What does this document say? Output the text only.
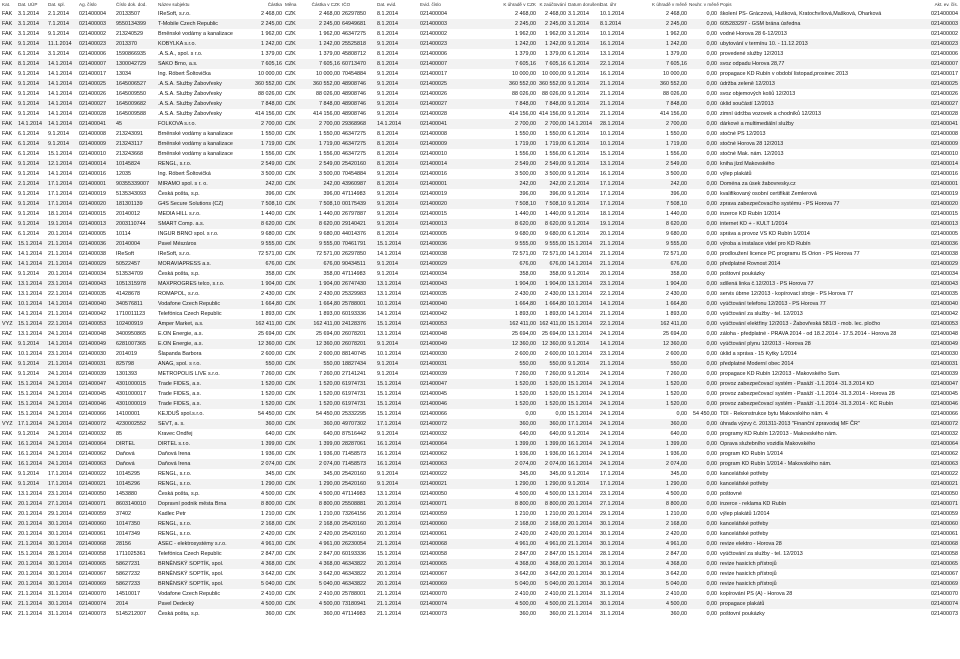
Kat.	Dat. UÚP	Dat. spl.	Ag. číslo	Číslo dok. dod.	Název subjektu	Částka Měna	Částka v CZK IČO	Dat. evid.	Evid. číslo	K úhradě v CZK K zaúčtování Datum dorušení Dat. úhr	K úhradě v měně Neuhr. v měně Popis	Akt. ev. čís.
FAK	3.1.2014	2.1.2014	021400004	20133507	IReSoft, s.r.o.	2 468,00 CZK	2 468,00 26297850	8.1.2014	021400004	2 468,00	2 468,00 3.1.2014	10.1.2014	2 468,00	0,00 školení PS- Gráczová, Hušková, Kratochvílová,Mašková, Oharková	021400004
FAK	3.1.2014	7.1.2014	021400003	9550134399	T-Mobile Czech Republic	2 245,00 CZK	2 245,00 64949681	8.1.2014	021400003	2 245,00	2 245,00 3.1.2014	8.1.2014	2 245,00	0,00 605283297 - GSM brána úsředna	021400003
FAK	3.1.2014	9.1.2014	021400002	213240529	Brněnské vodárny a kanalizace	1 962,00 CZK	1 962,00 46347275	8.1.2014	021400002	1 962,00	1 962,00 3.1.2014	10.1.2014	1 962,00	0,00 vodné Horova 28 6-12/2013	021400002
FAK	9.1.2014	11.1.2014	021400023	2013370	KOBYLKA s.r.o.	1 242,00 CZK	1 242,00 25525818	9.1.2014	021400023	1 242,00	1 242,00 9.1.2014	16.1.2014	1 242,00	0,00 ubytování v termínu 10. - 11.12.2013	021400023
FAK	6.1.2014	3.1.2014	021400006	1590866935	.A.S.A., spol. s r.o.	1 379,00 CZK	1 379,00 45808712	8.1.2014	021400006	1 379,00	1 379,00 6.1.2014	13.1.2014	1 379,00	0,00 provedené služby 12/2013	021400006
FAK	8.1.2014	14.1.2014	021400007	1300042729	SAKO Brno, a.s.	7 605,16 CZK	7 605,16 60713470	8.1.2014	021400007	7 605,16	7 605,16 6.1.2014	22.1.2014	7 605,16	0,00 svoz odpadu Horova 28,77	021400007
FAK	9.1.2014	14.1.2014	021400017	13034	Ing. Róbert Šoltovička	10 000,00 CZK	10 000,00 70454884	9.1.2014	021400017	10 000,00	10 000,00 9.1.2014	16.1.2014	10 000,00	0,00 propagace KD Rubín v období listopad,prosinec 2013	021400017
FAK	9.1.2014	14.1.2014	021400025	1645006527	.A.S.A. Služby Žabovřesky	360 552,00 CZK	360 552,00 48908746	9.1.2014	021400025	360 552,00 360 552,00 9.1.2014	21.1.2014	360 552,00	0,00 údržba zeleně 12/2013	021400025
FAK	9.1.2014	14.1.2014	021400026	1645009550	.A.S.A. Služby Žabovřesky	88 026,00 CZK	88 026,00 48908746	9.1.2014	021400026	88 026,00	88 026,00 9.1.2014	21.1.2014	88 026,00	0,00 svoz objemových košů 12/2013	021400026
FAK	9.1.2014	14.1.2014	021400027	1645009682	.A.S.A. Služby Žabovřesky	7 848,00 CZK	7 848,00 48908746	9.1.2014	021400027	7 848,00	7 848,00 9.1.2014	21.1.2014	7 848,00	0,00 úklid součástí 12/2013	021400027
FAK	9.1.2014	14.1.2014	021400028	1645009588	.A.S.A. Služby Žabovřesky	414 156,00 CZK	414 156,00 48908746	9.1.2014	021400028	414 156,00 414 156,00 9.1.2014	21.1.2014	414 156,00	0,00 zimní údržba vozovek a chodníků 12/2013	021400028
FAK	14.1.2014	14.1.2014	021400041	45	FOLKOVA s.r.o.	2 700,00 CZK	2 700,00 29368968	14.1.2014	021400041	2 700,00	2 700,00 14.1.2014	28.1.2014	2 700,00	0,00 dárkové a multimediální služby	021400041
FAK	6.1.2014	9.1.2014	021400008	213243091	Brněnské vodárny a kanalizace	1 550,00 CZK	1 550,00 46347275	8.1.2014	021400008	1 550,00	1 550,00 6.1.2014	10.1.2014	1 550,00	0,00 stočné PS 12/2013	021400008
FAK	6.1.2014	9.1.2014	021400009	213243117	Brněnské vodárny a kanalizace	1 719,00 CZK	1 719,00 46347275	8.1.2014	021400009	1 719,00	1 719,00 6.1.2014	10.1.2014	1 719,00	0,00 stočné Horova 28 12/2013	021400009
FAK	6.1.2014	15.1.2014	021400010	213243668	Brněnské vodárny a kanalizace	1 556,00 CZK	1 556,00 46347275	8.1.2014	021400010	1 556,00	1 556,00 6.1.2014	15.1.2014	1 556,00	0,00 stočné Mak. nám. 12/2013	021400010
FAK	9.1.2014	12.1.2014	021400014	10145824	RENGL, s.r.o.	2 549,00 CZK	2 549,00 25420160	8.1.2014	021400014	2 549,00	2 549,00 9.1.2014	13.1.2014	2 549,00	0,00 kniha jízd Makovského	021400014
FAK	9.1.2014	14.1.2014	021400016	12035	Ing. Róbert Šoltovičká	3 500,00 CZK	3 500,00 70454884	9.1.2014	021400016	3 500,00	3 500,00 9.1.2014	16.1.2014	3 500,00	0,00 výlep plakátů	021400016
FAK	2.1.2014	17.1.2014	021400001	90355339007	MIRAMO spol. s r. o.	242,00 CZK	242,00 43960987	8.1.2014	021400001	242,00	242,00 2.1.2014	17.1.2014	242,00	0,00 Doména za úsek žabovresky.cz	021400001
FAK	9.1.2014	17.1.2014	021400019	5135343093	Česká pošta, s.p.	396,00 CZK	396,00 47114983	9.1.2014	021400019	396,00	396,00 9.1.2014	17.1.2014	396,00	0,00 kvalifikovaný osobní certifikát Zemlerová	021400019
FAK	9.1.2014	17.1.2014	021400020	181301139	G4S Secure Solutions (CZ)	7 508,10 CZK	7 508,10 00175439	9.1.2014	021400020	7 508,10	7 508,10 9.1.2014	17.1.2014	7 508,10	0,00 zprava zabezpečovacího systému - PS Horova 77	021400020
FAK	9.1.2014	18.1.2014	021400015	20140012	MEDIA HILL s.r.o.	1 440,00 CZK	1 440,00 26797887	9.1.2014	021400015	1 440,00	1 440,00 9.1.2014	18.1.2014	1 440,00	0,00 inzerce KD Rubín 1/2014	021400015
FAK	9.1.2014	19.1.2014	021400013	2003110744	SMART Comp. a.s.	8 620,00 CZK	8 620,00 29140421	9.1.2014	021400013	8 620,00	8 620,00 9.1.2014	19.1.2014	8 620,00	0,00 internet KD + - KULT 1/2014	021400013
FAK	6.1.2014	20.1.2014	021400005	10114	INGUR BRNO spol. s r.o.	9 680,00 CZK	9 680,00 44014376	8.1.2014	021400005	9 680,00	9 680,00 6.1.2014	20.1.2014	9 680,00	0,00 správa a provoz VS KD Rubín 1/2014	021400005
FAK	15.1.2014	21.1.2014	021400036	20140004	Pavel Mészáros	9 555,00 CZK	9 555,00 70461791	15.1.2014	021400036	9 555,00	9 555,00 15.1.2014	21.1.2014	9 555,00	0,00 výroba a instalace videí pro KD Rubín	021400036
FAK	14.1.2014	21.1.2014	021400038	IReSoft	IReSoft, s.r.o.	72 571,00 CZK	72 571,00 26297850	14.1.2014	021400038	72 571,00	72 571,00 14.1.2014	21.1.2014	72 571,00	0,00 prodloužení licence PC programu IS Orion - PS Horova 77	021400038
FAK	14.1.2014	21.1.2014	021400029	50522457	MORAVIAPRESS a.s.	676,00 CZK	676,00 90434511	9.1.2014	021400029	676,00	676,00 14.1.2014	21.1.2014	676,00	0,00 předplatné Rovnost 2014	021400029
FAK	9.1.2014	20.1.2014	021400034	513534709	Česká pošta, s.p.	358,00 CZK	358,00 47114983	9.1.2014	021400034	358,00	358,00 9.1.2014	20.1.2014	358,00	0,00 poštovní poukázky	021400034
FAK	13.1.2014	23.1.2014	021400043	1051315978	MAXPROGRES telco, s.r.o.	1 904,00 CZK	1 904,00 26747430	13.1.2014	021400043	1 904,00	1 904,00 13.1.2014	23.1.2014	1 904,00	0,00 sdílená linka č.12/2013 - PS Horova 77	021400043
FAK	13.1.2014	22.1.2014	021400035	41428678	ROMAPOL, s.r.o.	2 430,00 CZK	2 430,00 25329983	13.1.2014	021400035	2 430,00	2 430,00 13.1.2014	22.1.2014	2 430,00	0,00 servis úbrne 12/2013 - kopírovací stroje - PS Horova 77	021400035
FAK	10.1.2014	14.1.2014	021400040	340576811	Vodafone Czech Republic	1 664,80 CZK	1 664,80 25788001	10.1.2014	021400040	1 664,80	1 664,80 10.1.2014	14.1.2014	1 664,80	0,00 vyúčtování telefonu 12/2013 - PS Horova 77	021400040
FAK	14.1.2014	21.1.2014	021400042	1710011123	Telefónica Czech Republic	1 893,00 CZK	1 893,00 60193336	14.1.2014	021400042	1 893,00	1 893,00 14.1.2014	21.1.2014	1 893,00	0,00 vyúčtování za služby - tel. 12/2013	021400042
VYZ	15.1.2014	22.1.2014	021400053	102400919	Amper Market, a.s.	162 411,00 CZK	162 411,00 24128376	15.1.2014	021400053	162 411,00 162 411,00 15.1.2014	22.1.2014	162 411,00	0,00 vyúčtování elektřiny 12/2013 - Žabovřeská 581/3 - mob. lec. pločho	021400053
FAZ	13.1.2014	24.1.2014	021400048	3400950865	E.ON Energie, a.s.	25 694,00 CZK	25 694,00 26078201	13.1.2014	021400048	25 694,00	25 694,00 13.1.2014	24.1.2014	25 694,00	0,00 záloha - předplatné - PRAVA 2014 - od 18.2.2014 - 17.5.2014 - Horova 28	021400048
FAK	9.1.2014	14.1.2014	021400049	6281007365	E.ON Energie, a.s.	12 360,00 CZK	12 360,00 26078201	9.1.2014	021400049	12 360,00	12 360,00 9.1.2014	14.1.2014	12 360,00	0,00 vyúčtování plynu 12/2013 - Horova 28	021400049
FAK	10.1.2014	23.1.2014	021400030	2014019	Šlapanda Barbora	2 600,00 CZK	2 600,00 88140745	10.1.2014	021400030	2 600,00	2 600,00 10.1.2014	23.1.2014	2 600,00	0,00 úklid a správa - 15 Kytky 1/2014	021400030
FAK	9.1.2014	21.1.2014	021400031	825798	ANAG, spol. s r.o.	550,00 CZK	550,00 18827434	9.1.2014	021400031	550,00	550,00 9.1.2014	21.1.2014	550,00	0,00 předplatné Moderní obec 2014	021400031
FAK	9.1.2014	24.1.2014	021400039	1301393	METROPOLIS LIVE s.r.o.	7 260,00 CZK	7 260,00 27141241	9.1.2014	021400039	7 260,00	7 260,00 9.1.2014	24.1.2014	7 260,00	0,00 propagace KD Rubín 12/2013 - Makovského Sum.	021400039
FAK	15.1.2014	24.1.2014	021400047	4301000015	Trade FIDES, a.s.	1 520,00 CZK	1 520,00 61974731	15.1.2014	021400047	1 520,00	1 520,00 15.1.2014	24.1.2014	1 520,00	0,00 provoz zabezpečovací systém - Pasáží -1.1.2014 -31.3.2014 KD	021400047
FAK	15.1.2014	24.1.2014	021400045	4301000017	Trade FIDES, a.s.	1 520,00 CZK	1 520,00 61974731	15.1.2014	021400045	1 520,00	1 520,00 15.1.2014	24.1.2014	1 520,00	0,00 provoz zabezpečovací systém - Pasáží -1.1.2014 -31.3.2014 - Horova 28	021400045
FAK	15.1.2014	24.1.2014	021400046	4301000019	Trade FIDES, a.s.	1 520,00 CZK	1 520,00 61974731	15.1.2014	021400046	1 520,00	1 520,00 15.1.2014	24.1.2014	1 520,00	0,00 provoz zabezpečovací systém - Pasáží -1.1.2014 -31.3.2014 - KC Rubín	021400046
FAK	15.1.2014	24.1.2014	021400066	14100001	KEJDUŠ spol.s.r.o.	54 450,00 CZK	54 450,00 25332295	15.1.2014	021400066	0,00	0,00 15.1.2014	24.1.2014	0,00	54 450,00 TDI - Rekonstrukce bytu Makovského nám. 4	021400066
VYZ	17.1.2014	24.1.2014	021400072	4230002552	SEVT, a. s.	360,00 CZK	360,00 49707302	17.1.2014	021400072	360,00	360,00 17.1.2014	24.1.2014	360,00	0,00 úhrada výzvy č. 201311-2013 "Finanční zpravodaj MF ČR"	021400072
FAK	9.1.2014	24.1.2014	021400032	85	Kravec Ondřej	640,00 CZK	640,00 87516442	9.1.2014	021400032	640,00	640,00 9.1.2014	24.1.2014	640,00	0,00 programy KD Rubín 12/2013 - Makovského nám.	021400032
FAK	16.1.2014	24.1.2014	021400064	DIRTEL	DIRTEL s.r.o.	1 399,00 CZK	1 399,00 28287061	16.1.2014	021400064	1 399,00	1 399,00 16.1.2014	24.1.2014	1 399,00	0,00 Oprava služebního vozidla Makovského	021400064
FAK	16.1.2014	24.1.2014	021400062	Daňová	Daňová Irena	1 936,00 CZK	1 936,00 71458573	16.1.2014	021400062	1 936,00	1 936,00 16.1.2014	24.1.2014	1 936,00	0,00 program KD Rubín 1/2014	021400062
FAK	16.1.2014	24.1.2014	021400063	Daňová	Daňová Irena	2 074,00 CZK	2 074,00 71458573	16.1.2014	021400063	2 074,00	2 074,00 16.1.2014	24.1.2014	2 074,00	0,00 program KD Rubín 1/2014 - Makovského nám.	021400063
FAK	9.1.2014	17.1.2014	021400022	10145295	RENGL, s.r.o.	345,00 CZK	345,00 25420160	9.1.2014	021400022	345,00	345,00 9.1.2014	17.1.2014	345,00	0,00 kancelářské potřeby	021400022
FAK	9.1.2014	17.1.2014	021400021	10145296	RENGL, s.r.o.	1 290,00 CZK	1 290,00 25420160	9.1.2014	021400021	1 290,00	1 290,00 9.1.2014	17.1.2014	1 290,00	0,00 kancelářské potřeby	021400021
FAK	13.1.2014	23.1.2014	021400050	1453880	Česká pošta, s.p.	4 500,00 CZK	4 500,00 47114983	13.1.2014	021400050	4 500,00	4 500,00 13.1.2014	23.1.2014	4 500,00	0,00 poštovné	021400050
FAK	20.1.2014	27.1.2014	021400071	8603140010	Dopravní podnik města Brna	8 800,00 CZK	8 800,00 25508881	20.1.2014	021400071	8 800,00	8 800,00 20.1.2014	27.1.2014	8 800,00	0,00 inzerce - reklama KD Rubín	021400071
FAK	20.1.2014	29.1.2014	021400059	37402	Kadlec Petr	1 210,00 CZK	1 210,00 73264156	20.1.2014	021400059	1 210,00	1 210,00 20.1.2014	29.1.2014	1 210,00	0,00 výlep plakátů 1/2014	021400059
FAK	20.1.2014	30.1.2014	021400060	10147350	RENGL, s.r.o.	2 168,00 CZK	2 168,00 25420160	20.1.2014	021400060	2 168,00	2 168,00 20.1.2014	30.1.2014	2 168,00	0,00 kancelářské potřeby	021400060
FAK	20.1.2014	30.1.2014	021400061	10147349	RENGL, s.r.o.	2 420,00 CZK	2 420,00 25420160	20.1.2014	021400061	2 420,00	2 420,00 20.1.2014	30.1.2014	2 420,00	0,00 kancelářské potřeby	021400061
FAK	21.1.2014	30.1.2014	021400068	28156	ASEC - elektrosystémy s.r.o.	4 961,00 CZK	4 961,00 26230054	21.1.2014	021400068	4 961,00	4 961,00 21.1.2014	30.1.2014	4 961,00	0,00 revize elektro - Horova 28	021400068
FAK	15.1.2014	28.1.2014	021400058	1711025361	Telefónica Czech Republic	2 847,00 CZK	2 847,00 60193336	15.1.2014	021400058	2 847,00	2 847,00 15.1.2014	28.1.2014	2 847,00	0,00 vyúčtování za služby - tel. 12/2013	021400058
FAK	20.1.2014	30.1.2014	021400065	58627231	BRNĚNSKÝ SOPTÍK, spol.	4 368,00 CZK	4 368,00 46343822	20.1.2014	021400065	4 368,00	4 368,00 20.1.2014	30.1.2014	4 368,00	0,00 revize hasicích přístrojů	021400065
FAK	20.1.2014	30.1.2014	021400067	58627232	BRNĚNSKÝ SOPTÍK, spol.	3 642,00 CZK	3 642,00 46343822	20.1.2014	021400067	3 642,00	3 642,00 20.1.2014	30.1.2014	3 642,00	0,00 revize hasicích přístrojů	021400067
FAK	20.1.2014	30.1.2014	021400069	58627233	BRNĚNSKÝ SOPTÍK, spol.	5 040,00 CZK	5 040,00 46343822	20.1.2014	021400069	5 040,00	5 040,00 20.1.2014	30.1.2014	5 040,00	0,00 revize hasicích přístrojů	021400069
FAK	21.1.2014	31.1.2014	021400070	14510017	Vodafone Czech Republic	2 410,00 CZK	2 410,00 25788001	21.1.2014	021400070	2 410,00	2 410,00 21.1.2014	31.1.2014	2 410,00	0,00 kopírování PS (A) - Horova 28	021400070
FAK	21.1.2014	30.1.2014	021400074	2014	Pavel Dedecký	4 500,00 CZK	4 500,00 73180941	21.1.2014	021400074	4 500,00	4 500,00 21.1.2014	30.1.2014	4 500,00	0,00 propagace plakátů	021400074
FAK	21.1.2014	31.1.2014	021400073	5145212007	Česká pošta, s.p.	360,00 CZK	360,00 47114983	21.1.2014	021400073	360,00	360,00 21.1.2014	31.1.2014	360,00	0,00 poštovní poukázky	021400073
